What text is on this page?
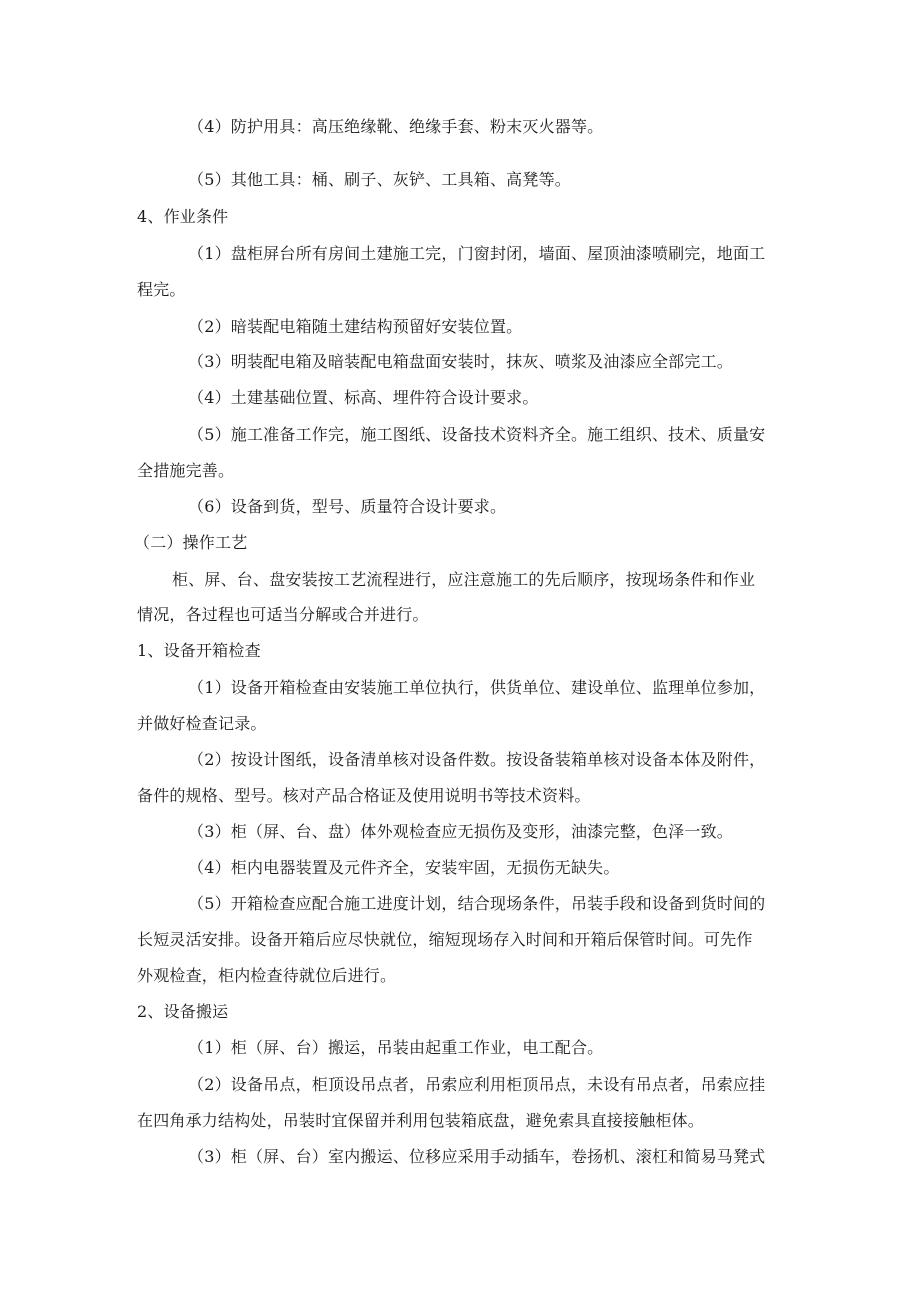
（4）防护用具：高压绝缘靴、绝缘手套、粉末灭火器等。
（5）其他工具：桶、刷子、灰铲、工具箱、高凳等。
4、作业条件
（1）盘柜屏台所有房间土建施工完，门窗封闭，墙面、屋顶油漆喷刷完，地面工
程完。
（2）暗装配电箱随土建结构预留好安装位置。
（3）明装配电箱及暗装配电箱盘面安装时，抹灰、喷浆及油漆应全部完工。
（4）土建基础位置、标高、埋件符合设计要求。
（5）施工准备工作完，施工图纸、设备技术资料齐全。施工组织、技术、质量安
全措施完善。
（6）设备到货，型号、质量符合设计要求。
（二）操作工艺
柜、屏、台、盘安装按工艺流程进行，应注意施工的先后顺序，按现场条件和作业
情况，各过程也可适当分解或合并进行。
1、设备开箱检查
（1）设备开箱检查由安装施工单位执行，供货单位、建设单位、监理单位参加，
并做好检查记录。
（2）按设计图纸，设备清单核对设备件数。按设备装箱单核对设备本体及附件，
备件的规格、型号。核对产品合格证及使用说明书等技术资料。
（3）柜（屏、台、盘）体外观检查应无损伤及变形，油漆完整，色泽一致。
（4）柜内电器装置及元件齐全，安装牢固，无损伤无缺失。
（5）开箱检查应配合施工进度计划，结合现场条件，吊装手段和设备到货时间的
长短灵活安排。设备开箱后应尽快就位，缩短现场存入时间和开箱后保管时间。可先作
外观检查，柜内检查待就位后进行。
2、设备搬运
（1）柜（屏、台）搬运，吊装由起重工作业，电工配合。
（2）设备吊点，柜顶设吊点者，吊索应利用柜顶吊点，未设有吊点者，吊索应挂
在四角承力结构处，吊装时宜保留并利用包装箱底盘，避免索具直接接触柜体。
（3）柜（屏、台）室内搬运、位移应采用手动插车，卷扬机、滚杠和简易马凳式
